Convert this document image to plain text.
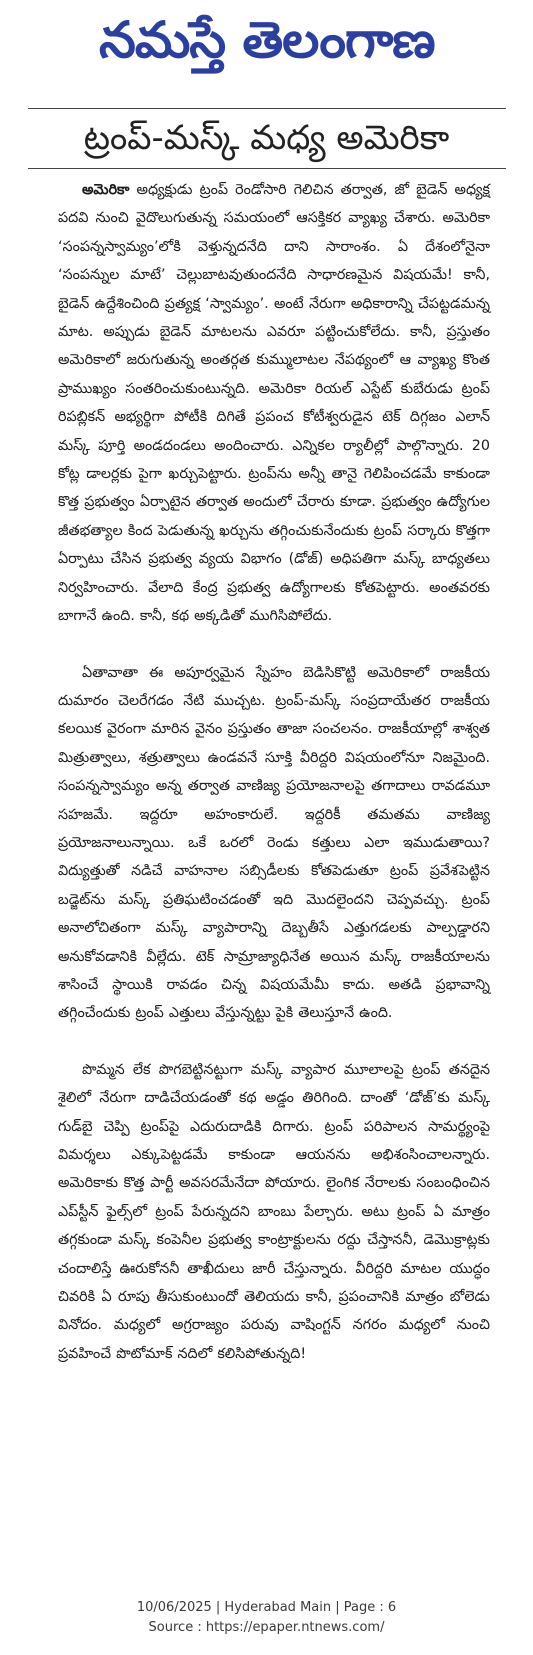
నమస్తే తెలంగాణ
ట్రంప్-మస్క్ మధ్య అమెరికా

అమెరికా అధ్యక్షుడు ట్రంప్ రెండోసారి గెలిచిన తర్వాత, జో బైడెన్ అధ్యక్ష పదవి నుంచి వైదొలుగుతున్న సమయంలో ఆసక్తికర వ్యాఖ్య చేశారు. అమెరికా ‘సంపన్నస్వామ్యం’లోకి వెళ్తున్నదనేది దాని సారాంశం. ఏ దేశంలోనైనా ‘సంపన్నుల మాటే’ చెల్లుబాటవుతుందనేది సాధారణమైన విషయమే! కానీ, బైడెన్ ఉద్దేశించింది ప్రత్యక్ష ‘స్వామ్యం’. అంటే నేరుగా అధికారాన్ని చేపట్టడమన్న మాట. అప్పుడు బైడెన్ మాటలను ఎవరూ పట్టించుకోలేదు. కానీ, ప్రస్తుతం అమెరికాలో జరుగుతున్న అంతర్గత కుమ్ములాటల నేపథ్యంలో ఆ వ్యాఖ్య కొంత ప్రాముఖ్యం సంతరించుకుంటున్నది. అమెరికా రియల్ ఎస్టేట్ కుబేరుడు ట్రంప్ రిపబ్లికన్ అభ్యర్థిగా పోటీకి దిగితే ప్రపంచ కోటీశ్వరుడైన టెక్ దిగ్గజం ఎలాన్ మస్క్ పూర్తి అండదండలు అందించారు. ఎన్నికల ర్యాలీల్లో పాల్గొన్నారు. 20 కోట్ల డాలర్లకు పైగా ఖర్చుపెట్టారు. ట్రంప్‌ను అన్నీ తానై గెలిపించడమే కాకుండా కొత్త ప్రభుత్వం ఏర్పాటైన తర్వాత అందులో చేరారు కూడా. ప్రభుత్వం ఉద్యోగుల జీతభత్యాల కింద పెడుతున్న ఖర్చును తగ్గించుకునేందుకు ట్రంప్ సర్కారు కొత్తగా ఏర్పాటు చేసిన ప్రభుత్వ వ్యయ విభాగం (డోజ్) అధిపతిగా మస్క్ బాధ్యతలు నిర్వహించారు. వేలాది కేంద్ర ప్రభుత్వ ఉద్యోగాలకు కోతపెట్టారు. అంతవరకు బాగానే ఉంది. కానీ, కథ అక్కడితో ముగిసిపోలేదు.

ఏతావాతా ఈ అపూర్వమైన స్నేహం బెడిసికొట్టి అమెరికాలో రాజకీయ దుమారం చెలరేగడం నేటి ముచ్చట. ట్రంప్-మస్క్ సంప్రదాయేతర రాజకీయ కలయిక వైరంగా మారిన వైనం ప్రస్తుతం తాజా సంచలనం. రాజకీయాల్లో శాశ్వత మిత్రుత్వాలు, శత్రుత్వాలు ఉండవనే సూక్తి వీరిద్దరి విషయంలోనూ నిజమైంది. సంపన్నస్వామ్యం అన్న తర్వాత వాణిజ్య ప్రయోజనాలపై తగాదాలు రావడమూ సహజమే. ఇద్దరూ అహంకారులే. ఇద్దరికీ తమతమ వాణిజ్య ప్రయోజనాలున్నాయి. ఒకే ఒరలో రెండు కత్తులు ఎలా ఇముడుతాయి? విద్యుత్తుతో నడిచే వాహనాల సబ్సిడీలకు కోతపెడుతూ ట్రంప్ ప్రవేశపెట్టిన బడ్జెట్‌ను మస్క్ ప్రతిఘటించడంతో ఇది మొదలైందని చెప్పవచ్చు. ట్రంప్ అనాలోచితంగా మస్క్ వ్యాపారాన్ని దెబ్బతీసే ఎత్తుగడలకు పాల్పడ్డారని అనుకోవడానికి వీల్లేదు. టెక్ సామ్రాజ్యాధినేత అయిన మస్క్ రాజకీయాలను శాసించే స్థాయికి రావడం చిన్న విషయమేమీ కాదు. అతడి ప్రభావాన్ని తగ్గించేందుకు ట్రంప్ ఎత్తులు వేస్తున్నట్టు పైకి తెలుస్తూనే ఉంది.

పొమ్మన లేక పొగబెట్టినట్టుగా మస్క్ వ్యాపార మూలాలపై ట్రంప్ తనదైన శైలిలో నేరుగా దాడిచేయడంతో కథ అడ్డం తిరిగింది. దాంతో ‘డోజ్’కు మస్క్ గుడ్‌బై చెప్పి ట్రంప్‌పై ఎదురుదాడికి దిగారు. ట్రంప్ పరిపాలన సామర్థ్యంపై విమర్శలు ఎక్కుపెట్టడమే కాకుండా ఆయనను అభిశంసించాలన్నారు. అమెరికాకు కొత్త పార్టీ అవసరమేనేదా పోయారు. లైంగిక నేరాలకు సంబంధించిన ఎప్‌స్టీన్ ఫైల్స్‌లో ట్రంప్ పేరున్నదని బాంబు పేల్చారు. అటు ట్రంప్ ఏ మాత్రం తగ్గకుండా మస్క్ కంపెనీల ప్రభుత్వ కాంట్రాక్టులను రద్దు చేస్తాననీ, డెమొక్రాట్లకు చందాలిస్తే ఊరుకోననీ తాఖీదులు జారీ చేస్తున్నారు. వీరిద్దరి మాటల యుద్ధం చివరికి ఏ రూపు తీసుకుంటుందో తెలియదు కానీ, ప్రపంచానికి మాత్రం బోలెడు వినోదం. మధ్యలో అగ్రరాజ్యం పరువు వాషింగ్టన్ నగరం మధ్యలో నుంచి ప్రవహించే పొటోమాక్ నదిలో కలిసిపోతున్నది!

10/06/2025 | Hyderabad Main | Page : 6
Source : https://epaper.ntnews.com/
